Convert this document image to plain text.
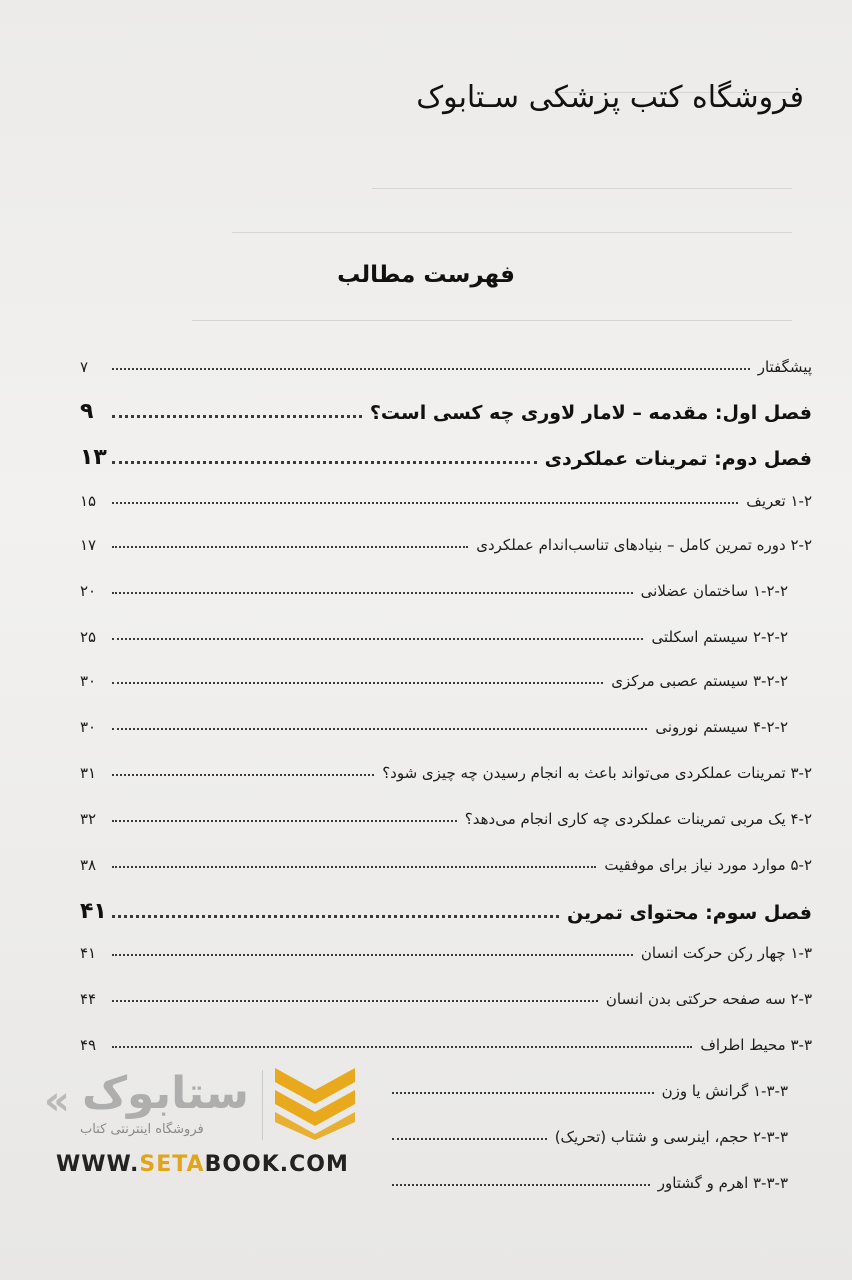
فروشگاه کتب پزشکی سـتابوک
فهرست مطالب
پیشگفتار
۷
فصل اول: مقدمه – لامار لاوری چه کسی است؟
۹
فصل دوم: تمرینات عملکردی
۱۳
۱-۲ تعریف
۱۵
۲-۲ دوره تمرین کامل – بنیادهای تناسب‌اندام عملکردی
۱۷
۱-۲-۲ ساختمان عضلانی
۲۰
۲-۲-۲ سیستم اسکلتی
۲۵
۳-۲-۲ سیستم عصبی مرکزی
۳۰
۴-۲-۲ سیستم نورونی
۳۰
۳-۲ تمرینات عملکردی می‌تواند باعث به انجام رسیدن چه چیزی شود؟
۳۱
۴-۲ یک مربی تمرینات عملکردی چه کاری انجام می‌دهد؟
۳۲
۵-۲ موارد مورد نیاز برای موفقیت
۳۸
فصل سوم: محتوای تمرین
۴۱
۱-۳ چهار رکن حرکت انسان
۴۱
۲-۳ سه صفحه حرکتی بدن انسان
۴۴
۳-۳ محیط اطراف
۴۹
۱-۳-۳ گرانش یا وزن
۲-۳-۳ حجم، اینرسی و شتاب (تحریک)
۳-۳-۳ اهرم و گشتاور
« ستابوک
فروشگاه اینترنتی کتاب
WWW.SETABOOK.COM
